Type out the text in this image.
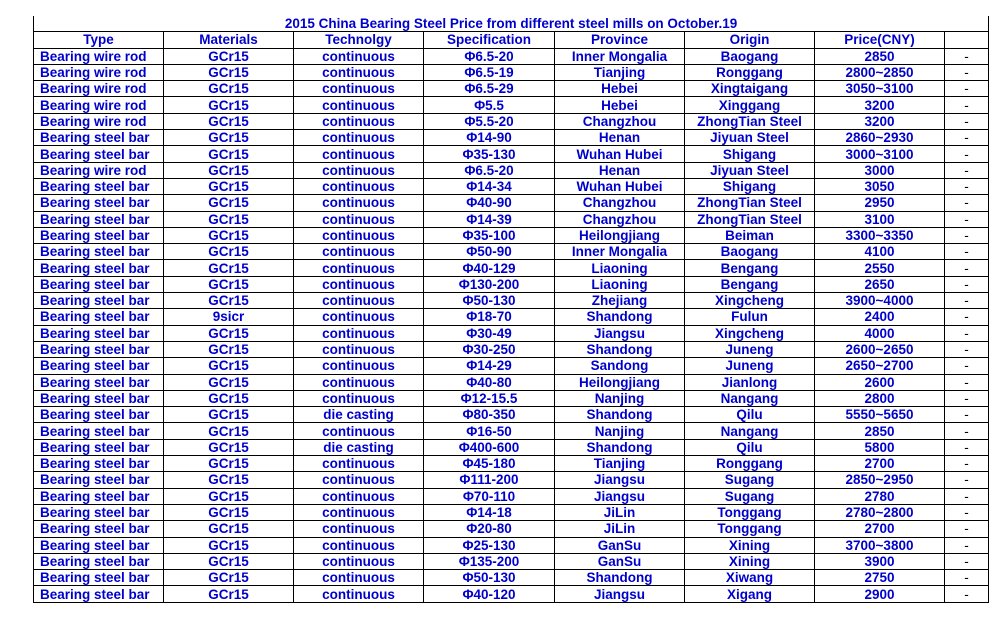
2015 China Bearing Steel Price from different steel mills on October.19							
Type	Materials	Technolgy	Specification	Province	Origin	Price(CNY)	
Bearing wire rod	GCr15	continuous	Φ6.5-20	Inner Mongalia	Baogang	2850	-
Bearing wire rod	GCr15	continuous	Φ6.5-19	Tianjing	Ronggang	2800~2850	-
Bearing wire rod	GCr15	continuous	Φ6.5-29	Hebei	Xingtaigang	3050~3100	-
Bearing wire rod	GCr15	continuous	Φ5.5	Hebei	Xinggang	3200	-
Bearing wire rod	GCr15	continuous	Φ5.5-20	Changzhou	ZhongTian Steel	3200	-
Bearing steel bar	GCr15	continuous	Φ14-90	Henan	Jiyuan Steel	2860~2930	-
Bearing steel bar	GCr15	continuous	Φ35-130	Wuhan Hubei	Shigang	3000~3100	-
Bearing wire rod	GCr15	continuous	Φ6.5-20	Henan	Jiyuan Steel	3000	-
Bearing steel bar	GCr15	continuous	Φ14-34	Wuhan Hubei	Shigang	3050	-
Bearing steel bar	GCr15	continuous	Φ40-90	Changzhou	ZhongTian Steel	2950	-
Bearing steel bar	GCr15	continuous	Φ14-39	Changzhou	ZhongTian Steel	3100	-
Bearing steel bar	GCr15	continuous	Φ35-100	Heilongjiang	Beiman	3300~3350	-
Bearing steel bar	GCr15	continuous	Φ50-90	Inner Mongalia	Baogang	4100	-
Bearing steel bar	GCr15	continuous	Φ40-129	Liaoning	Bengang	2550	-
Bearing steel bar	GCr15	continuous	Φ130-200	Liaoning	Bengang	2650	-
Bearing steel bar	GCr15	continuous	Φ50-130	Zhejiang	Xingcheng	3900~4000	-
Bearing steel bar	9sicr	continuous	Φ18-70	Shandong	Fulun	2400	-
Bearing steel bar	GCr15	continuous	Φ30-49	Jiangsu	Xingcheng	4000	-
Bearing steel bar	GCr15	continuous	Φ30-250	Shandong	Juneng	2600~2650	-
Bearing steel bar	GCr15	continuous	Φ14-29	Sandong	Juneng	2650~2700	-
Bearing steel bar	GCr15	continuous	Φ40-80	Heilongjiang	Jianlong	2600	-
Bearing steel bar	GCr15	continuous	Φ12-15.5	Nanjing	Nangang	2800	-
Bearing steel bar	GCr15	die casting	Φ80-350	Shandong	Qilu	5550~5650	-
Bearing steel bar	GCr15	continuous	Φ16-50	Nanjing	Nangang	2850	-
Bearing steel bar	GCr15	die casting	Φ400-600	Shandong	Qilu	5800	-
Bearing steel bar	GCr15	continuous	Φ45-180	Tianjing	Ronggang	2700	-
Bearing steel bar	GCr15	continuous	Φ111-200	Jiangsu	Sugang	2850~2950	-
Bearing steel bar	GCr15	continuous	Φ70-110	Jiangsu	Sugang	2780	-
Bearing steel bar	GCr15	continuous	Φ14-18	JiLin	Tonggang	2780~2800	-
Bearing steel bar	GCr15	continuous	Φ20-80	JiLin	Tonggang	2700	-
Bearing steel bar	GCr15	continuous	Φ25-130	GanSu	Xining	3700~3800	-
Bearing steel bar	GCr15	continuous	Φ135-200	GanSu	Xining	3900	-
Bearing steel bar	GCr15	continuous	Φ50-130	Shandong	Xiwang	2750	-
Bearing steel bar	GCr15	continuous	Φ40-120	Jiangsu	Xigang	2900	-
